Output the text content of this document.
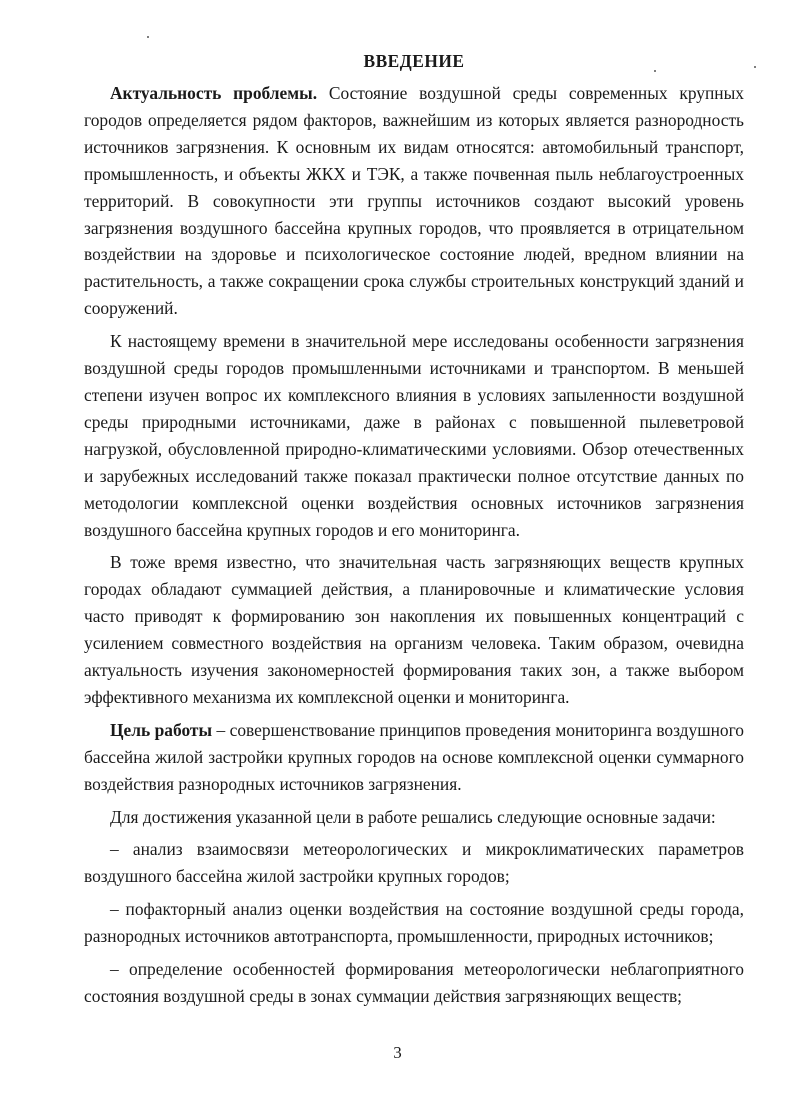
ВВЕДЕНИЕ

Актуальность проблемы. Состояние воздушной среды современных крупных городов определяется рядом факторов, важнейшим из которых является разнородность источников загрязнения. К основным их видам относятся: автомобильный транспорт, промышленность, и объекты ЖКХ и ТЭК, а также почвенная пыль неблагоустроенных территорий. В совокупности эти группы источников создают высокий уровень загрязнения воздушного бассейна крупных городов, что проявляется в отрицательном воздействии на здоровье и психологическое состояние людей, вредном влиянии на растительность, а также сокращении срока службы строительных конструкций зданий и сооружений.

К настоящему времени в значительной мере исследованы особенности загрязнения воздушной среды городов промышленными источниками и транспортом. В меньшей степени изучен вопрос их комплексного влияния в условиях запыленности воздушной среды природными источниками, даже в районах с повышенной пылеветровой нагрузкой, обусловленной природно-климатическими условиями. Обзор отечественных и зарубежных исследований также показал практически полное отсутствие данных по методологии комплексной оценки воздействия основных источников загрязнения воздушного бассейна крупных городов и его мониторинга.

В тоже время известно, что значительная часть загрязняющих веществ крупных городах обладают суммацией действия, а планировочные и климатические условия часто приводят к формированию зон накопления их повышенных концентраций с усилением совместного воздействия на организм человека. Таким образом, очевидна актуальность изучения закономерностей формирования таких зон, а также выбором эффективного механизма их комплексной оценки и мониторинга.

Цель работы – совершенствование принципов проведения мониторинга воздушного бассейна жилой застройки крупных городов на основе комплексной оценки суммарного воздействия разнородных источников загрязнения.

Для достижения указанной цели в работе решались следующие основные задачи:

– анализ взаимосвязи метеорологических и микроклиматических параметров воздушного бассейна жилой застройки крупных городов;

– пофакторный анализ оценки воздействия на состояние воздушной среды города, разнородных источников автотранспорта, промышленности, природных источников;

– определение особенностей формирования метеорологически неблагоприятного состояния воздушной среды в зонах суммации действия загрязняющих веществ;

3
